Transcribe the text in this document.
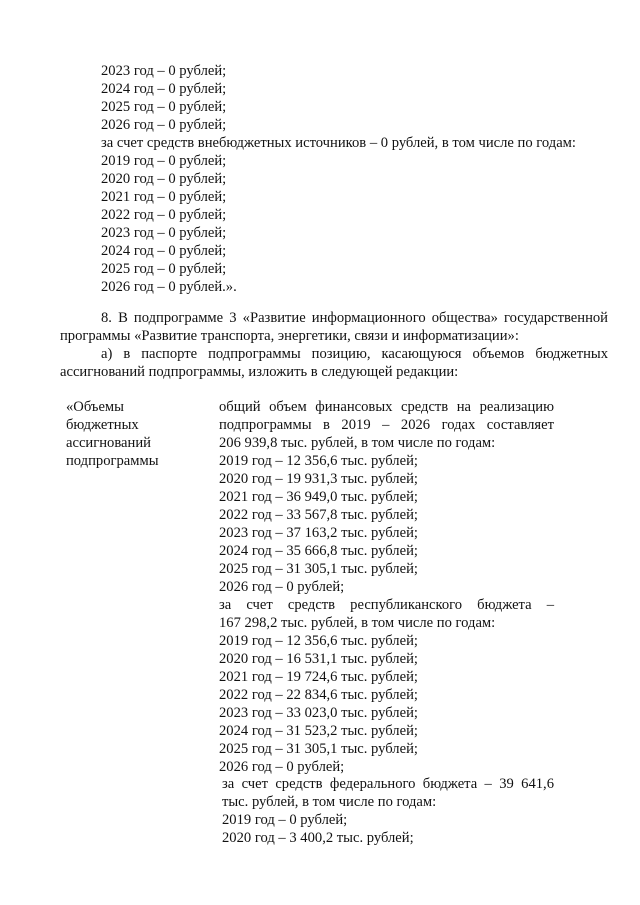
2023 год – 0 рублей;
2024 год – 0 рублей;
2025 год – 0 рублей;
2026 год – 0 рублей;
за счет средств внебюджетных источников – 0 рублей, в том числе по годам:
2019 год – 0 рублей;
2020 год – 0 рублей;
2021 год – 0 рублей;
2022 год – 0 рублей;
2023 год – 0 рублей;
2024 год – 0 рублей;
2025 год – 0 рублей;
2026 год – 0 рублей.».
8. В подпрограмме 3 «Развитие информационного общества» государственной
программы «Развитие транспорта, энергетики, связи и информатизации»:
а) в паспорте подпрограммы позицию, касающуюся объемов бюджетных
ассигнований подпрограммы, изложить в следующей редакции:
«Объемы
бюджетных
ассигнований
подпрограммы
общий объем финансовых средств на реализацию
подпрограммы в 2019 – 2026 годах составляет
206 939,8 тыс. рублей, в том числе по годам:
2019 год – 12 356,6 тыс. рублей;
2020 год – 19 931,3 тыс. рублей;
2021 год – 36 949,0 тыс. рублей;
2022 год – 33 567,8 тыс. рублей;
2023 год – 37 163,2 тыс. рублей;
2024 год – 35 666,8 тыс. рублей;
2025 год – 31 305,1 тыс. рублей;
2026 год – 0 рублей;
за счет средств республиканского бюджета –
167 298,2 тыс. рублей, в том числе по годам:
2019 год – 12 356,6 тыс. рублей;
2020 год – 16 531,1 тыс. рублей;
2021 год – 19 724,6 тыс. рублей;
2022 год – 22 834,6 тыс. рублей;
2023 год – 33 023,0 тыс. рублей;
2024 год – 31 523,2 тыс. рублей;
2025 год – 31 305,1 тыс. рублей;
2026 год – 0 рублей;
за счет средств федерального бюджета – 39 641,6
тыс. рублей, в том числе по годам:
2019 год – 0 рублей;
2020 год – 3 400,2 тыс. рублей;
